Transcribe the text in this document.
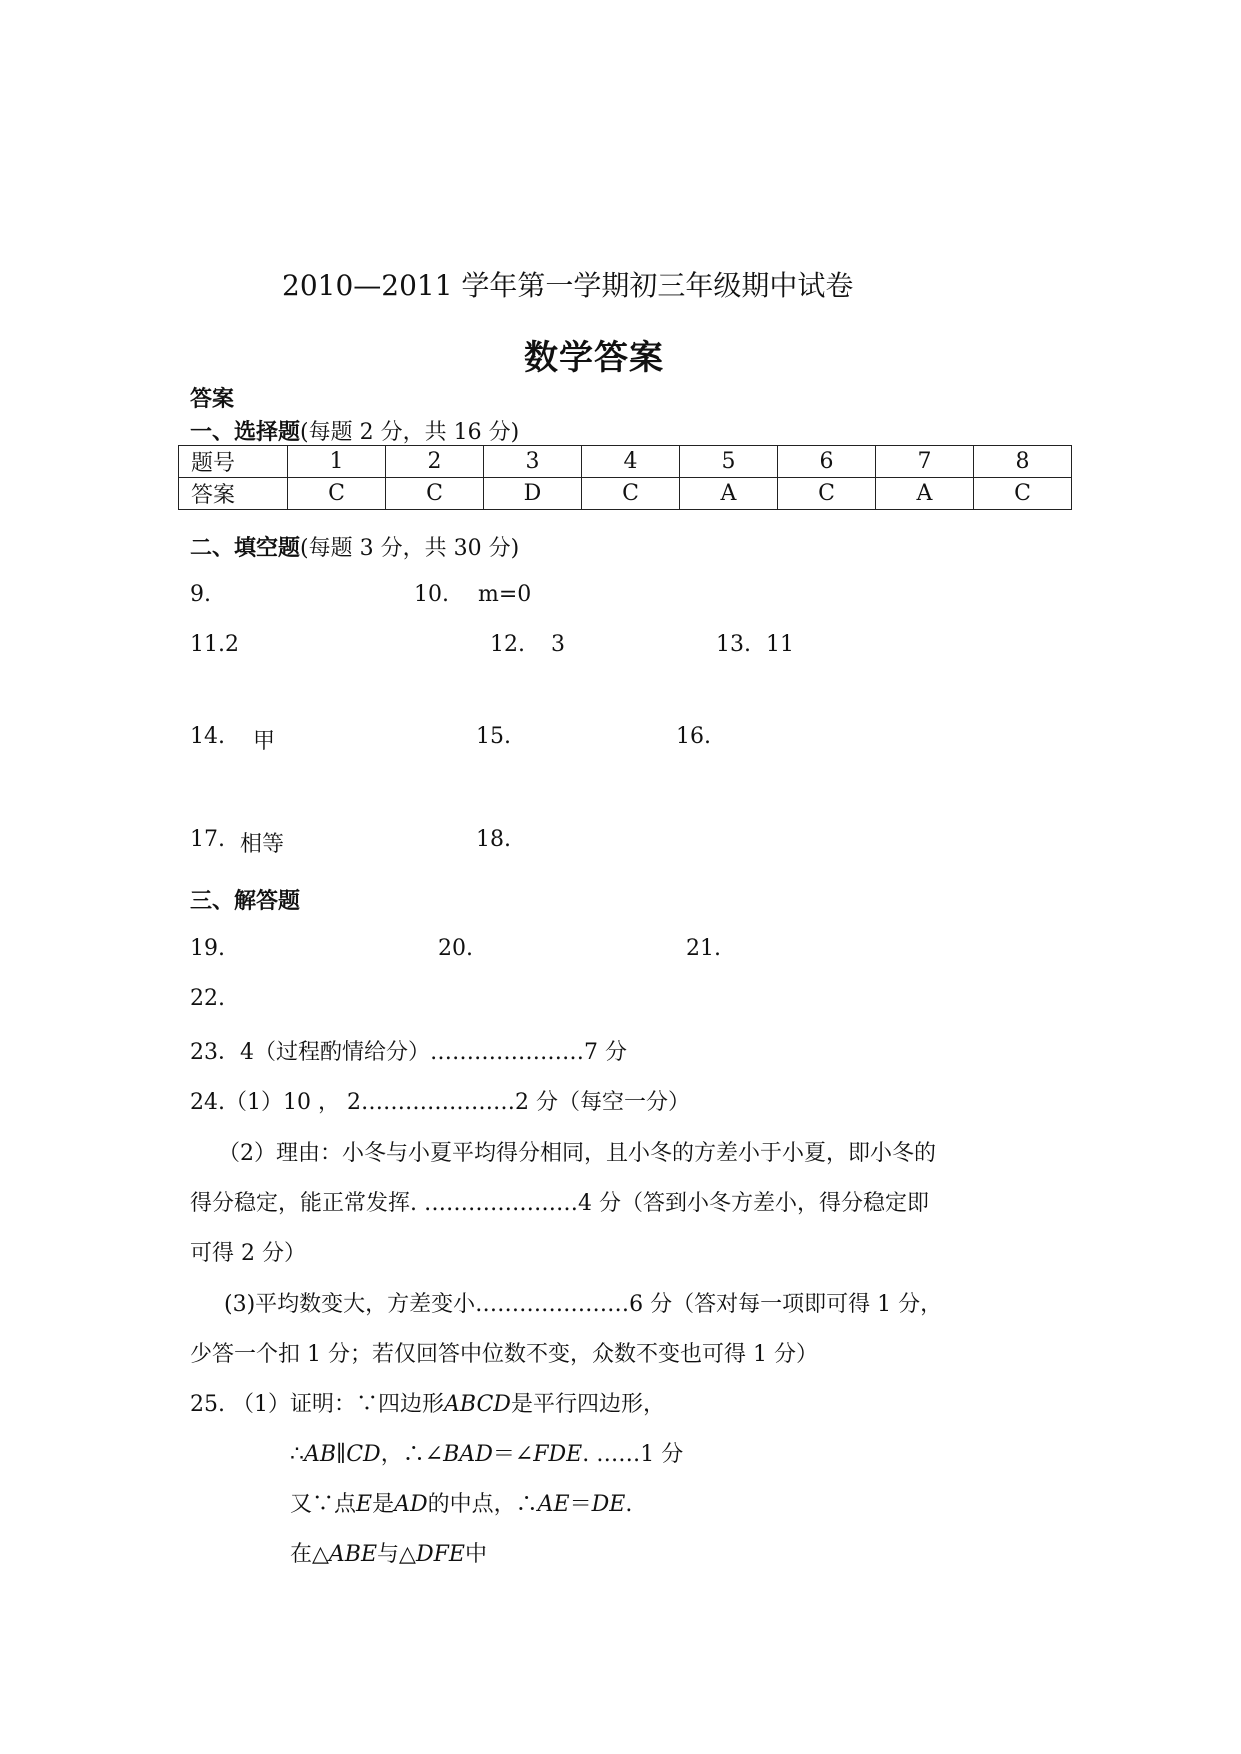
2010—2011 学年第一学期初三年级期中试卷
数学答案
答案
一、选择题(每题 2 分，共 16 分)
题号	1	2	3	4	5	6	7	8
答案	C	C	D	C	A	C	A	C
二、填空题(每题 3 分，共 30 分)
9.	10. m=0
11.2	12. 3	13. 11
14. 甲	15.	16.
17. 相等	18.
三、解答题
19.	20.	21.
22.
23．4（过程酌情给分）…………………7 分
24.（1）10 ， 2…………………2 分（每空一分）
（2）理由：小冬与小夏平均得分相同，且小冬的方差小于小夏，即小冬的
得分稳定，能正常发挥. …………………4 分（答到小冬方差小，得分稳定即
可得 2 分）
(3)平均数变大，方差变小…………………6 分（答对每一项即可得 1 分，
少答一个扣 1 分；若仅回答中位数不变，众数不变也可得 1 分）
25. （1）证明：∵四边形ABCD是平行四边形，
∴AB∥CD，∴∠BAD＝∠FDE. ……1 分
又∵点E是AD的中点，∴AE＝DE.
在△ABE与△DFE中
